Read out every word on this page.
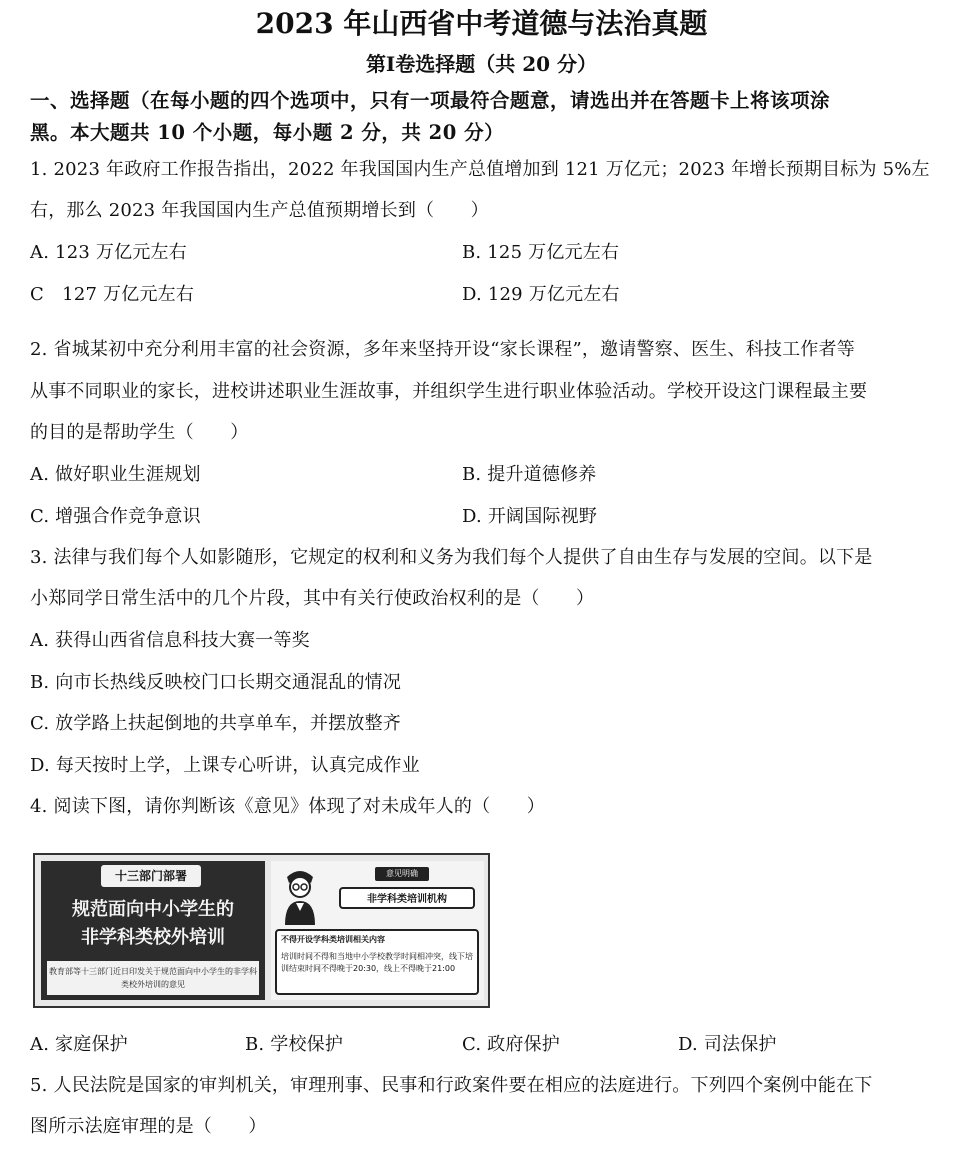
2023 年山西省中考道德与法治真题
第Ⅰ卷选择题（共 20 分）
一、选择题（在每小题的四个选项中，只有一项最符合题意，请选出并在答题卡上将该项涂
黑。本大题共 10 个小题，每小题 2 分，共 20 分）
1. 2023 年政府工作报告指出，2022 年我国国内生产总值增加到 121 万亿元；2023 年增长预期目标为 5%左
右，那么 2023 年我国国内生产总值预期增长到（　　）
A. 123 万亿元左右	B. 125 万亿元左右
C　127 万亿元左右	D. 129 万亿元左右
2. 省城某初中充分利用丰富的社会资源，多年来坚持开设“家长课程”，邀请警察、医生、科技工作者等
从事不同职业的家长，进校讲述职业生涯故事，并组织学生进行职业体验活动。学校开设这门课程最主要
的目的是帮助学生（　　）
A. 做好职业生涯规划	B. 提升道德修养
C. 增强合作竞争意识	D. 开阔国际视野
3. 法律与我们每个人如影随形，它规定的权利和义务为我们每个人提供了自由生存与发展的空间。以下是
小郑同学日常生活中的几个片段，其中有关行使政治权利的是（　　）
A. 获得山西省信息科技大赛一等奖
B. 向市长热线反映校门口长期交通混乱的情况
C. 放学路上扶起倒地的共享单车，并摆放整齐
D. 每天按时上学，上课专心听讲，认真完成作业
4. 阅读下图，请你判断该《意见》体现了对未成年人的（　　）
十三部门部署
规范面向中小学生的
非学科类校外培训
教育部等十三部门近日印发关于规范面向中小学生的非学科类校外培训的意见
意见明确
非学科类培训机构
不得开设学科类培训相关内容
培训时间不得和当地中小学校教学时间相冲突，线下培训结束时间不得晚于20:30，线上不得晚于21:00
A. 家庭保护	B. 学校保护	C. 政府保护	D. 司法保护
5. 人民法院是国家的审判机关，审理刑事、民事和行政案件要在相应的法庭进行。下列四个案例中能在下
图所示法庭审理的是（　　）
